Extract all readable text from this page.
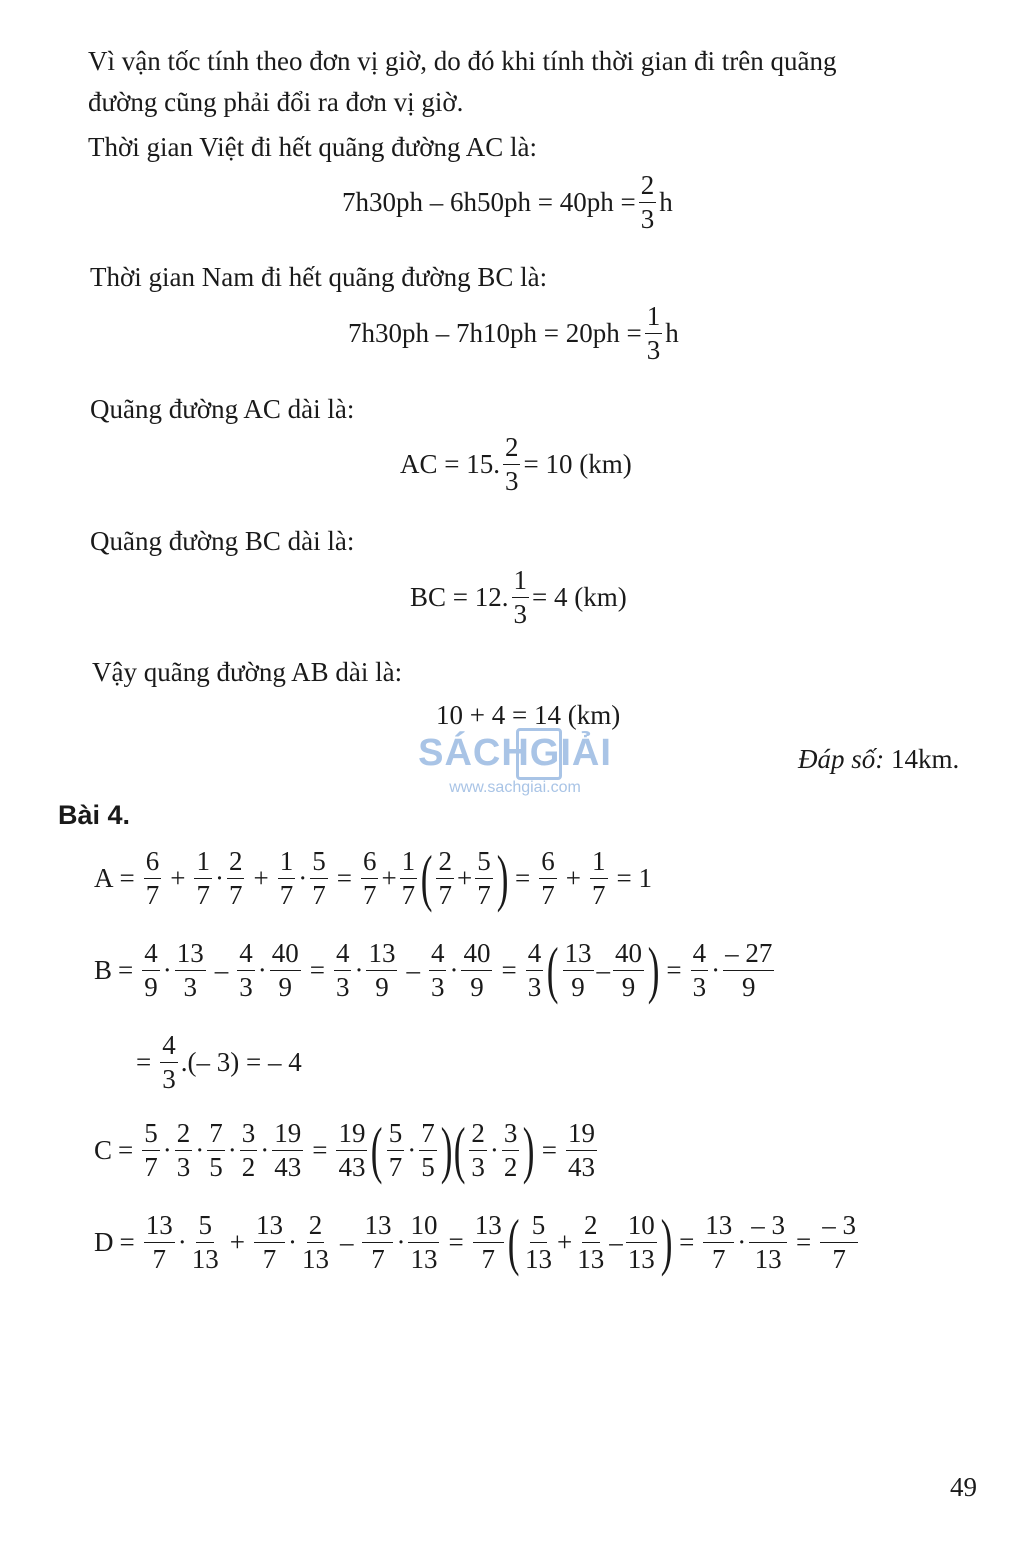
Vì vận tốc tính theo đơn vị giờ, do đó khi tính thời gian đi trên quãng
đường cũng phải đổi ra đơn vị giờ.
Thời gian Việt đi hết quãng đường AC là:
$7h30ph - 6h50ph = 40ph = \frac{2}{3}$ h
Thời gian Nam đi hết quãng đường BC là:
$7h30ph - 7h10ph = 20ph = \frac{1}{3}$ h
Quãng đường AC dài là:
AC = 15. $\frac{2}{3} = 10$ (km)
Quãng đường BC dài là:
BC = 12. $\frac{1}{3} = 4$ (km)
Vậy quãng đường AB dài là:
10 + 4 = 14 (km)
SÁCHGIẢI
www.sachgiai.com
Đáp số: 14km.
Bài 4.
$A = \frac{6}{7} + \frac{1}{7} \cdot \frac{2}{7} + \frac{1}{7} \cdot \frac{5}{7} = \frac{6}{7} + \frac{1}{7}$ ( $\frac{2}{7} + \frac{5}{7}$ ) = $\frac{6}{7} + \frac{1}{7} = 1$
$B = \frac{4}{9} \cdot \frac{13}{3} - \frac{4}{3} \cdot \frac{40}{9} = \frac{4}{3} \cdot \frac{13}{9} - \frac{4}{3} \cdot \frac{40}{9} = \frac{4}{3}$ ( $\frac{13}{9} - \frac{40}{9}$ ) = $\frac{4}{3} \cdot \frac{- 27}{9}$
= $\frac{4}{3}$ .(– 3) = – 4
$C = \frac{5}{7} \cdot \frac{2}{3} \cdot \frac{7}{5} \cdot \frac{3}{2} \cdot \frac{19}{43} = \frac{19}{43}$ ( $\frac{5}{7} \cdot \frac{7}{5}$ ) ( $\frac{2}{3} \cdot \frac{3}{2}$ ) = $\frac{19}{43}$
$D = \frac{13}{7} \cdot \frac{5}{13} + \frac{13}{7} \cdot \frac{2}{13} - \frac{13}{7} \cdot \frac{10}{13} = \frac{13}{7}$ ( $\frac{5}{13} + \frac{2}{13} - \frac{10}{13}$ ) = $\frac{13}{7} \cdot \frac{- 3}{13} = \frac{- 3}{7}$
49
